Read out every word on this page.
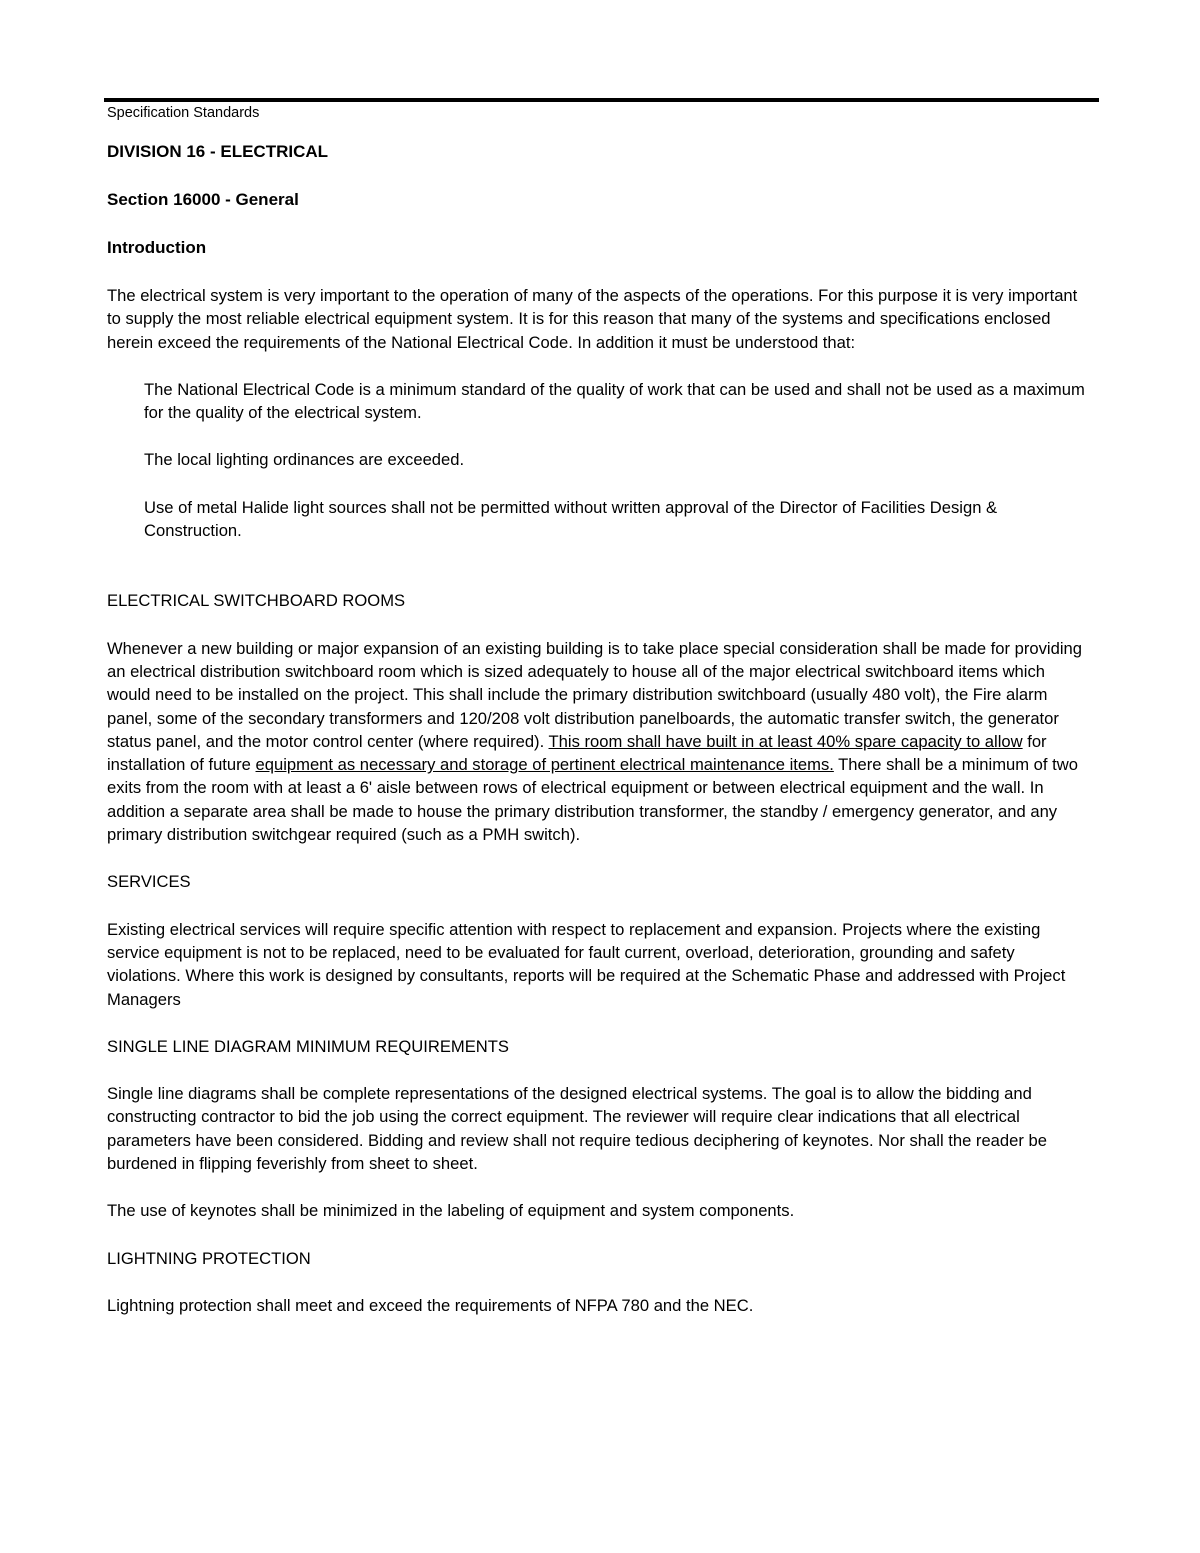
Specification Standards
DIVISION 16 - ELECTRICAL
Section 16000 - General
Introduction

The electrical system is very important to the operation of many of the aspects of the operations. For this purpose it is very important to supply the most reliable electrical equipment system. It is for this reason that many of the systems and specifications enclosed herein exceed the requirements of the National Electrical Code. In addition it must be understood that:

The National Electrical Code is a minimum standard of the quality of work that can be used and shall not be used as a maximum for the quality of the electrical system.

The local lighting ordinances are exceeded.

Use of metal Halide light sources shall not be permitted without written approval of the Director of Facilities Design & Construction.

ELECTRICAL SWITCHBOARD ROOMS

Whenever a new building or major expansion of an existing building is to take place special consideration shall be made for providing an electrical distribution switchboard room which is sized adequately to house all of the major electrical switchboard items which would need to be installed on the project. This shall include the primary distribution switchboard (usually 480 volt), the Fire alarm panel, some of the secondary transformers and 120/208 volt distribution panelboards, the automatic transfer switch, the generator status panel, and the motor control center (where required). This room shall have built in at least 40% spare capacity to allow for installation of future equipment as necessary and storage of pertinent electrical maintenance items. There shall be a minimum of two exits from the room with at least a 6' aisle between rows of electrical equipment or between electrical equipment and the wall. In addition a separate area shall be made to house the primary distribution transformer, the standby / emergency generator, and any primary distribution switchgear required (such as a PMH switch).

SERVICES

Existing electrical services will require specific attention with respect to replacement and expansion. Projects where the existing service equipment is not to be replaced, need to be evaluated for fault current, overload, deterioration, grounding and safety violations. Where this work is designed by consultants, reports will be required at the Schematic Phase and addressed with Project Managers

SINGLE LINE DIAGRAM MINIMUM REQUIREMENTS

Single line diagrams shall be complete representations of the designed electrical systems. The goal is to allow the bidding and constructing contractor to bid the job using the correct equipment. The reviewer will require clear indications that all electrical parameters have been considered. Bidding and review shall not require tedious deciphering of keynotes. Nor shall the reader be burdened in flipping feverishly from sheet to sheet.

The use of keynotes shall be minimized in the labeling of equipment and system components.

LIGHTNING PROTECTION

Lightning protection shall meet and exceed the requirements of NFPA 780 and the NEC.
